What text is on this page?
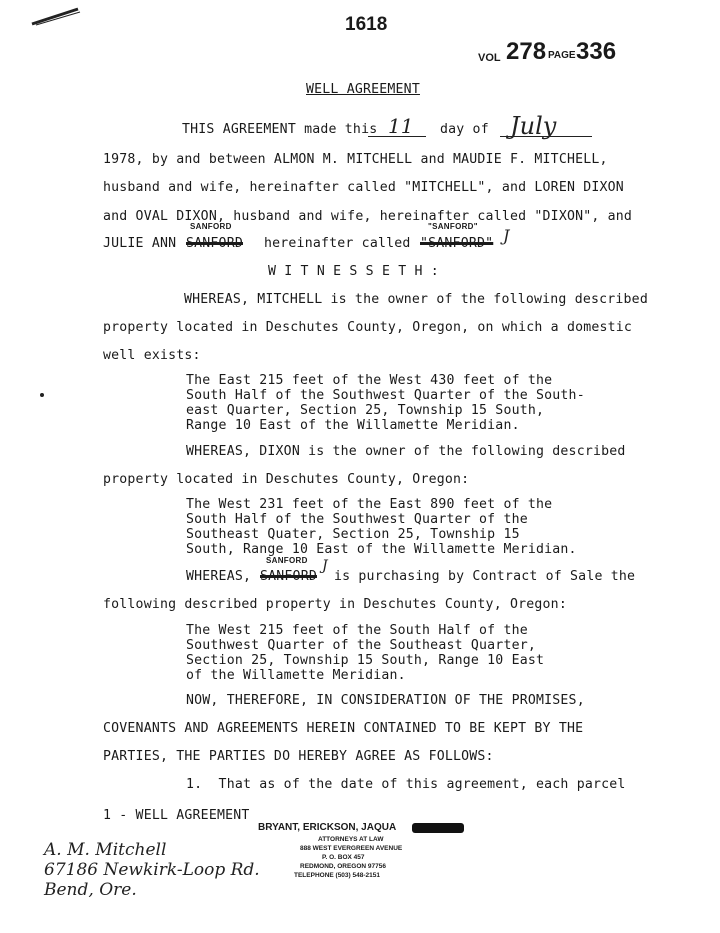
1618
VOL 278 PAGE 336
WELL AGREEMENT
THIS AGREEMENT made this 11 day of July
1978, by and between ALMON M. MITCHELL and MAUDIE F. MITCHELL,
husband and wife, hereinafter called "MITCHELL", and LOREN DIXON
and OVAL DIXON, husband and wife, hereinafter called "DIXON", and
SANFORD	"SANFORD"
JULIE ANN SANFORD hereinafter called "SANFORD" J
W I T N E S S E T H :
WHEREAS, MITCHELL is the owner of the following described
property located in Deschutes County, Oregon, on which a domestic
well exists:
The East 215 feet of the West 430 feet of the
South Half of the Southwest Quarter of the South-
east Quarter, Section 25, Township 15 South,
Range 10 East of the Willamette Meridian.
WHEREAS, DIXON is the owner of the following described
property located in Deschutes County, Oregon:
The West 231 feet of the East 890 feet of the
South Half of the Southwest Quarter of the
Southeast Quater, Section 25, Township 15
South, Range 10 East of the Willamette Meridian.
SANFORD
WHEREAS, SANFORD
J
is purchasing by Contract of Sale the
following described property in Deschutes County, Oregon:
The West 215 feet of the South Half of the
Southwest Quarter of the Southeast Quarter,
Section 25, Township 15 South, Range 10 East
of the Willamette Meridian.
NOW, THEREFORE, IN CONSIDERATION OF THE PROMISES,
COVENANTS AND AGREEMENTS HEREIN CONTAINED TO BE KEPT BY THE
PARTIES, THE PARTIES DO HEREBY AGREE AS FOLLOWS:
1.  That as of the date of this agreement, each parcel
1 - WELL AGREEMENT
BRYANT, ERICKSON, JAQUA
ATTORNEYS AT LAW
888 WEST EVERGREEN AVENUE
P. O. BOX 457
REDMOND, OREGON 97756
TELEPHONE (503) 548-2151
A. M. Mitchell
67186 Newkirk-Loop Rd.
Bend, Ore.
